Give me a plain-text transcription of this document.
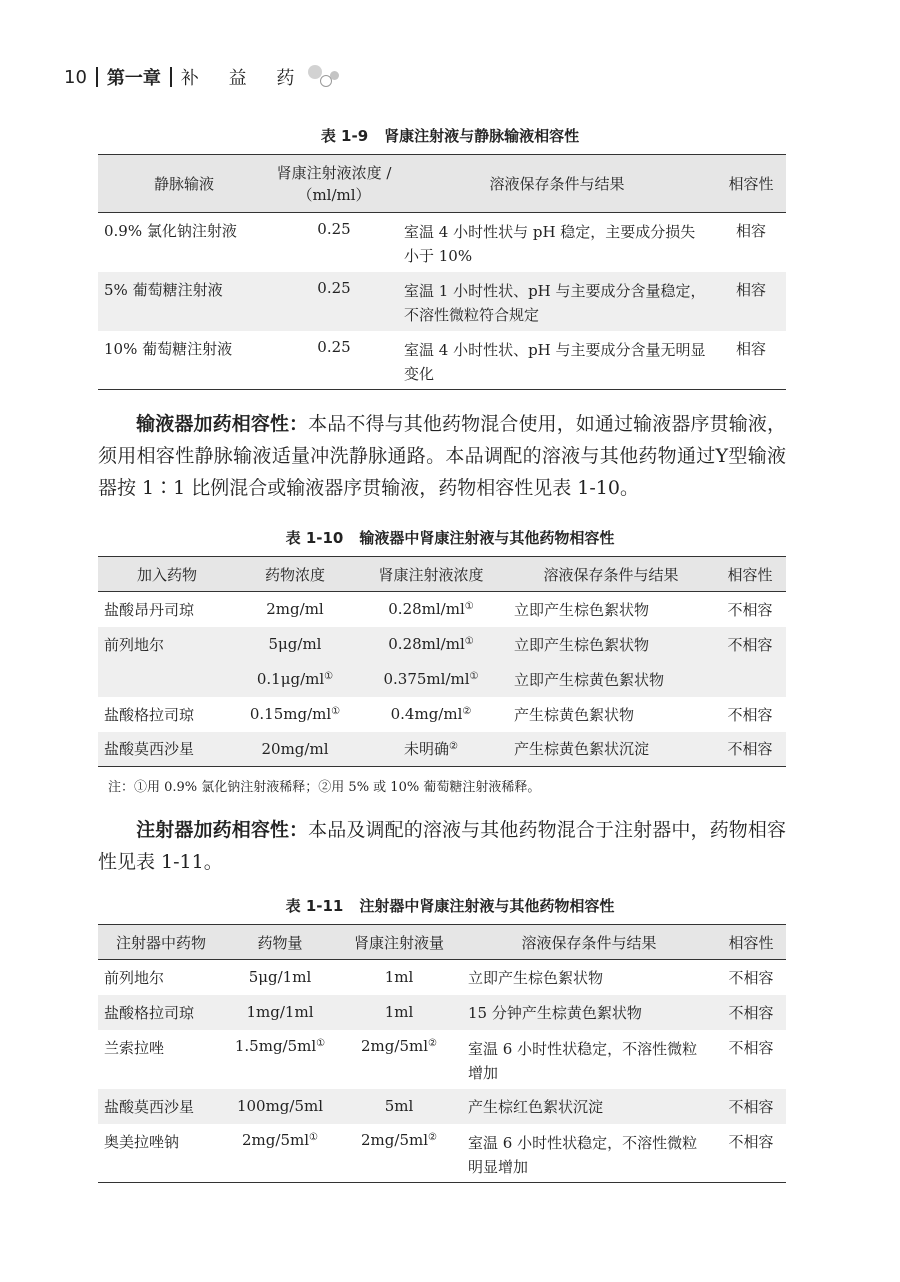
10 第一章 补 益 药
表 1-9 肾康注射液与静脉输液相容性
静脉输液	肾康注射液浓度 /（ml/ml）	溶液保存条件与结果	相容性
0.9% 氯化钠注射液	0.25	室温 4 小时性状与 pH 稳定，主要成分损失小于 10%	相容
5% 葡萄糖注射液	0.25	室温 1 小时性状、pH 与主要成分含量稳定，不溶性微粒符合规定	相容
10% 葡萄糖注射液	0.25	室温 4 小时性状、pH 与主要成分含量无明显变化	相容
输液器加药相容性：本品不得与其他药物混合使用，如通过输液器序贯输液，须用相容性静脉输液适量冲洗静脉通路。本品调配的溶液与其他药物通过Y型输液器按 1∶1 比例混合或输液器序贯输液，药物相容性见表 1-10。
表 1-10 输液器中肾康注射液与其他药物相容性
加入药物	药物浓度	肾康注射液浓度	溶液保存条件与结果	相容性
盐酸昂丹司琼	2mg/ml	0.28ml/ml①	立即产生棕色絮状物	不相容
前列地尔	5μg/ml	0.28ml/ml①	立即产生棕色絮状物	不相容
	0.1μg/ml①	0.375ml/ml①	立即产生棕黄色絮状物	
盐酸格拉司琼	0.15mg/ml①	0.4mg/ml②	产生棕黄色絮状物	不相容
盐酸莫西沙星	20mg/ml	未明确②	产生棕黄色絮状沉淀	不相容
注：①用 0.9% 氯化钠注射液稀释；②用 5% 或 10% 葡萄糖注射液稀释。
注射器加药相容性：本品及调配的溶液与其他药物混合于注射器中，药物相容性见表 1-11。
表 1-11 注射器中肾康注射液与其他药物相容性
注射器中药物	药物量	肾康注射液量	溶液保存条件与结果	相容性
前列地尔	5μg/1ml	1ml	立即产生棕色絮状物	不相容
盐酸格拉司琼	1mg/1ml	1ml	15 分钟产生棕黄色絮状物	不相容
兰索拉唑	1.5mg/5ml①	2mg/5ml②	室温 6 小时性状稳定，不溶性微粒增加	不相容
盐酸莫西沙星	100mg/5ml	5ml	产生棕红色絮状沉淀	不相容
奥美拉唑钠	2mg/5ml①	2mg/5ml②	室温 6 小时性状稳定，不溶性微粒明显增加	不相容
